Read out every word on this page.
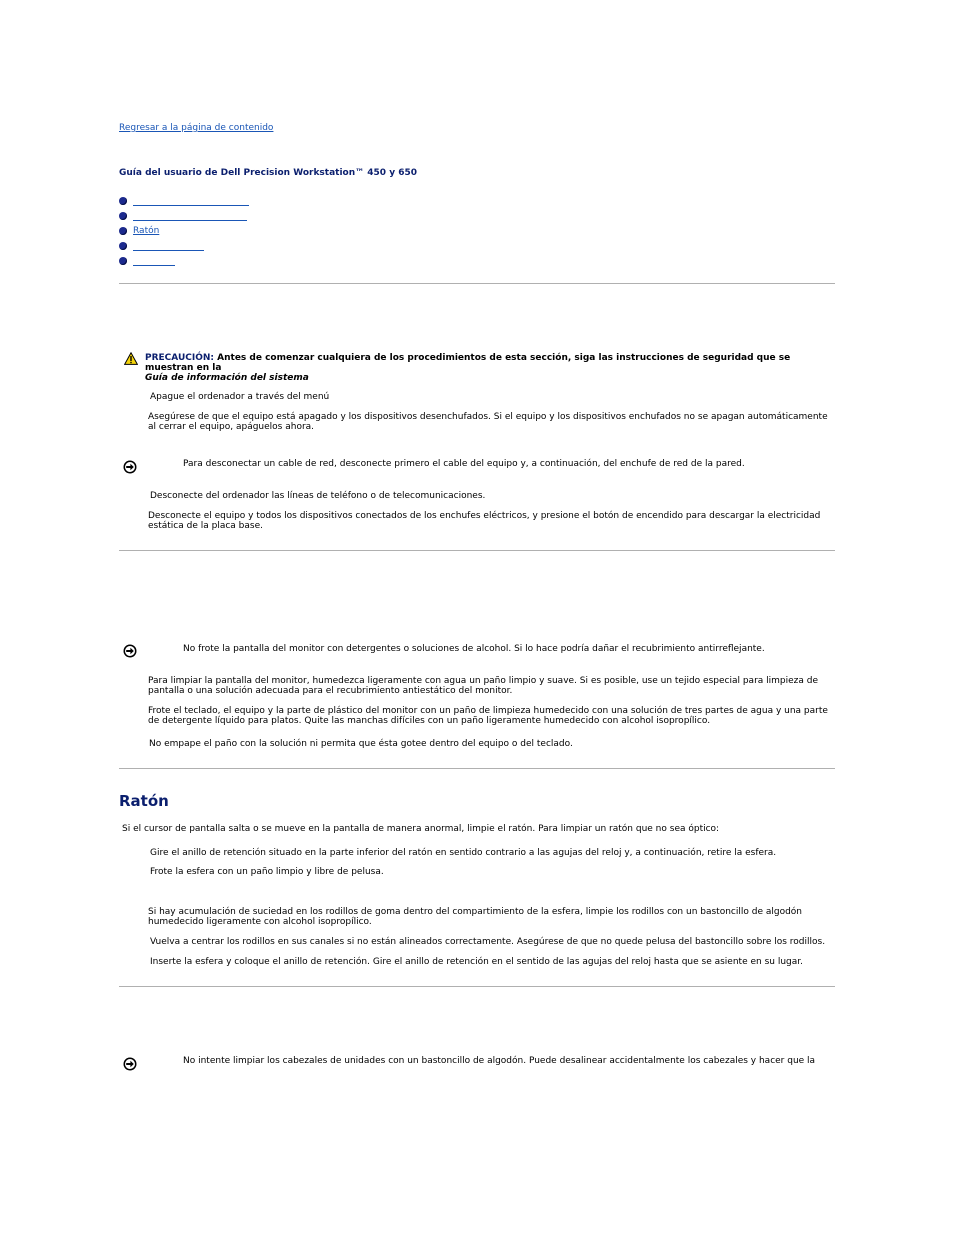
Regresar a la página de contenido
Guía del usuario de Dell Precision Workstation™ 450 y 650
Ratón
PRECAUCIÓN: Antes de comenzar cualquiera de los procedimientos de esta sección, siga las instrucciones de seguridad que se muestran en la
Guía de información del sistema
Apague el ordenador a través del menú
Asegúrese de que el equipo está apagado y los dispositivos desenchufados. Si el equipo y los dispositivos enchufados no se apagan automáticamente al cerrar el equipo, apáguelos ahora.
Para desconectar un cable de red, desconecte primero el cable del equipo y, a continuación, del enchufe de red de la pared.
Desconecte del ordenador las líneas de teléfono o de telecomunicaciones.
Desconecte el equipo y todos los dispositivos conectados de los enchufes eléctricos, y presione el botón de encendido para descargar la electricidad estática de la placa base.
No frote la pantalla del monitor con detergentes o soluciones de alcohol. Si lo hace podría dañar el recubrimiento antirreflejante.
Para limpiar la pantalla del monitor, humedezca ligeramente con agua un paño limpio y suave. Si es posible, use un tejido especial para limpieza de pantalla o una solución adecuada para el recubrimiento antiestático del monitor.
Frote el teclado, el equipo y la parte de plástico del monitor con un paño de limpieza humedecido con una solución de tres partes de agua y una parte de detergente líquido para platos. Quite las manchas difíciles con un paño ligeramente humedecido con alcohol isopropílico.
No empape el paño con la solución ni permita que ésta gotee dentro del equipo o del teclado.
Ratón
Si el cursor de pantalla salta o se mueve en la pantalla de manera anormal, limpie el ratón. Para limpiar un ratón que no sea óptico:
Gire el anillo de retención situado en la parte inferior del ratón en sentido contrario a las agujas del reloj y, a continuación, retire la esfera.
Frote la esfera con un paño limpio y libre de pelusa.
Si hay acumulación de suciedad en los rodillos de goma dentro del compartimiento de la esfera, limpie los rodillos con un bastoncillo de algodón humedecido ligeramente con alcohol isopropílico.
Vuelva a centrar los rodillos en sus canales si no están alineados correctamente. Asegúrese de que no quede pelusa del bastoncillo sobre los rodillos.
Inserte la esfera y coloque el anillo de retención. Gire el anillo de retención en el sentido de las agujas del reloj hasta que se asiente en su lugar.
No intente limpiar los cabezales de unidades con un bastoncillo de algodón. Puede desalinear accidentalmente los cabezales y hacer que la
